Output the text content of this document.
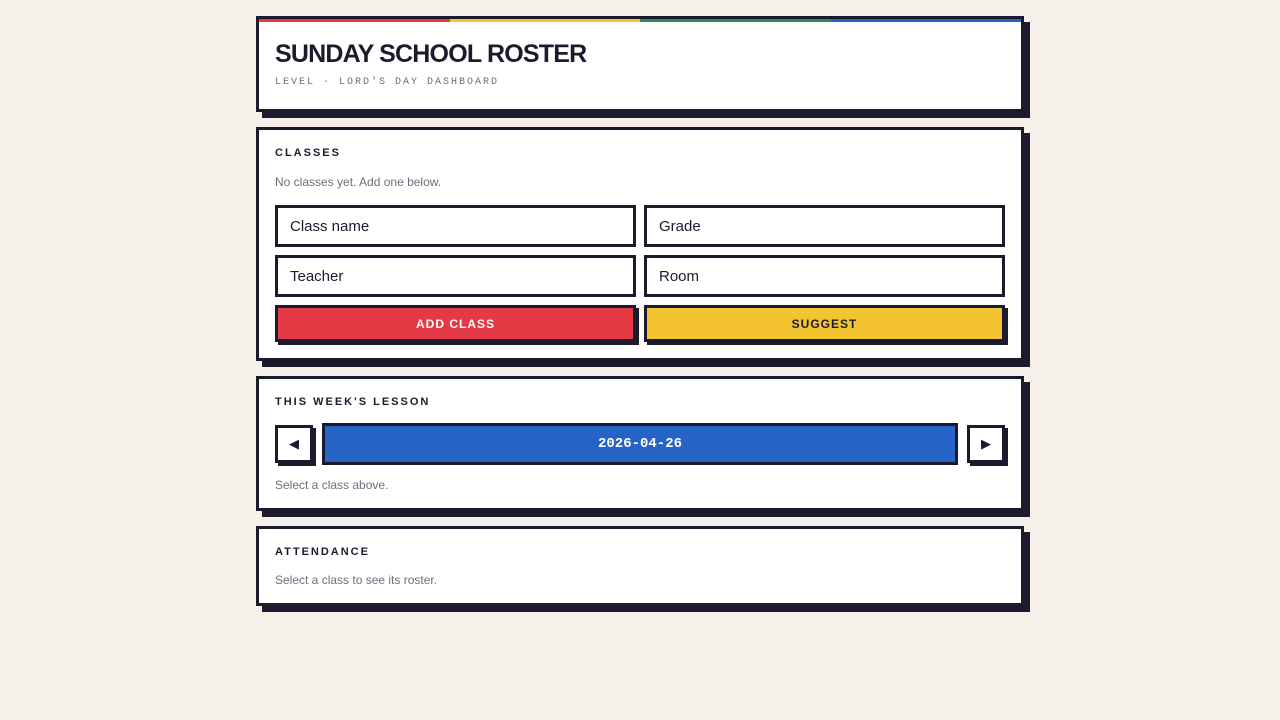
SUNDAY SCHOOL ROSTER
LEVEL · LORD'S DAY DASHBOARD
CLASSES
No classes yet. Add one below.
Class name
Grade
Teacher
Room
ADD CLASS	SUGGEST
THIS WEEK'S LESSON
◀	2026-04-26	▶
Select a class above.
ATTENDANCE
Select a class to see its roster.
